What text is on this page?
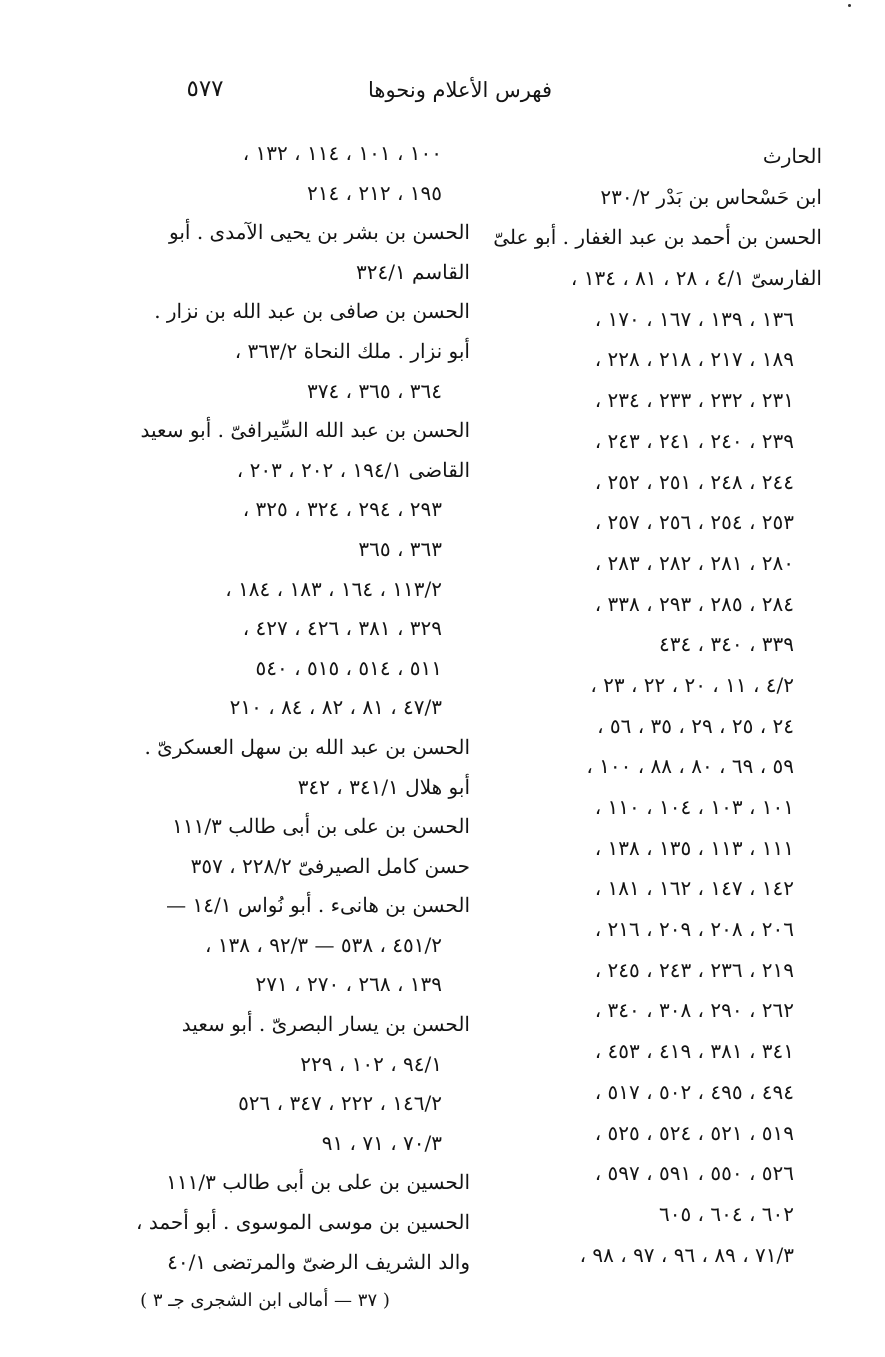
٥٧٧	فهرس الأعلام ونحوها
الحارث
ابن حَسْحاس بن بَدْر ٢٣٠/٢
الحسن بن أحمد بن عبد الغفار . أبو علىّ
الفارسىّ ٤/١ ، ٢٨ ، ٨١ ، ١٣٤ ،
١٣٦ ، ١٣٩ ، ١٦٧ ، ١٧٠ ،
١٨٩ ، ٢١٧ ، ٢١٨ ، ٢٢٨ ،
٢٣١ ، ٢٣٢ ، ٢٣٣ ، ٢٣٤ ،
٢٣٩ ، ٢٤٠ ، ٢٤١ ، ٢٤٣ ،
٢٤٤ ، ٢٤٨ ، ٢٥١ ، ٢٥٢ ،
٢٥٣ ، ٢٥٤ ، ٢٥٦ ، ٢٥٧ ،
٢٨٠ ، ٢٨١ ، ٢٨٢ ، ٢٨٣ ،
٢٨٤ ، ٢٨٥ ، ٢٩٣ ، ٣٣٨ ،
٣٣٩ ، ٣٤٠ ، ٤٣٤
٤/٢ ، ١١ ، ٢٠ ، ٢٢ ، ٢٣ ،
٢٤ ، ٢٥ ، ٢٩ ، ٣٥ ، ٥٦ ،
٥٩ ، ٦٩ ، ٨٠ ، ٨٨ ، ١٠٠ ،
١٠١ ، ١٠٣ ، ١٠٤ ، ١١٠ ،
١١١ ، ١١٣ ، ١٣٥ ، ١٣٨ ،
١٤٢ ، ١٤٧ ، ١٦٢ ، ١٨١ ،
٢٠٦ ، ٢٠٨ ، ٢٠٩ ، ٢١٦ ،
٢١٩ ، ٢٣٦ ، ٢٤٣ ، ٢٤٥ ،
٢٦٢ ، ٢٩٠ ، ٣٠٨ ، ٣٤٠ ،
٣٤١ ، ٣٨١ ، ٤١٩ ، ٤٥٣ ،
٤٩٤ ، ٤٩٥ ، ٥٠٢ ، ٥١٧ ،
٥١٩ ، ٥٢١ ، ٥٢٤ ، ٥٢٥ ،
٥٢٦ ، ٥٥٠ ، ٥٩١ ، ٥٩٧ ،
٦٠٢ ، ٦٠٤ ، ٦٠٥
٧١/٣ ، ٨٩ ، ٩٦ ، ٩٧ ، ٩٨ ،
١٠٠ ، ١٠١ ، ١١٤ ، ١٣٢ ،
١٩٥ ، ٢١٢ ، ٢١٤
الحسن بن بشر بن يحيى الآمدى . أبو
القاسم ٣٢٤/١
الحسن بن صافى بن عبد الله بن نزار .
أبو نزار . ملك النحاة ٣٦٣/٢ ،
٣٦٤ ، ٣٦٥ ، ٣٧٤
الحسن بن عبد الله السِّيرافىّ . أبو سعيد
القاضى ١٩٤/١ ، ٢٠٢ ، ٢٠٣ ،
٢٩٣ ، ٢٩٤ ، ٣٢٤ ، ٣٢٥ ،
٣٦٣ ، ٣٦٥
١١٣/٢ ، ١٦٤ ، ١٨٣ ، ١٨٤ ،
٣٢٩ ، ٣٨١ ، ٤٢٦ ، ٤٢٧ ،
٥١١ ، ٥١٤ ، ٥١٥ ، ٥٤٠
٤٧/٣ ، ٨١ ، ٨٢ ، ٨٤ ، ٢١٠
الحسن بن عبد الله بن سهل العسكرىّ .
أبو هلال ٣٤١/١ ، ٣٤٢
الحسن بن على بن أبى طالب ١١١/٣
حسن كامل الصيرفىّ ٢٢٨/٢ ، ٣٥٧
الحسن بن هانىء . أبو نُواس ١٤/١ —
٤٥١/٢ ، ٥٣٨ — ٩٢/٣ ، ١٣٨ ،
١٣٩ ، ٢٦٨ ، ٢٧٠ ، ٢٧١
الحسن بن يسار البصرىّ . أبو سعيد
٩٤/١ ، ١٠٢ ، ٢٢٩
١٤٦/٢ ، ٢٢٢ ، ٣٤٧ ، ٥٢٦
٧٠/٣ ، ٧١ ، ٩١
الحسين بن على بن أبى طالب ١١١/٣
الحسين بن موسى الموسوى . أبو أحمد ،
والد الشريف الرضىّ والمرتضى ٤٠/١
( ٣٧ — أمالى ابن الشجرى جـ ٣ )
